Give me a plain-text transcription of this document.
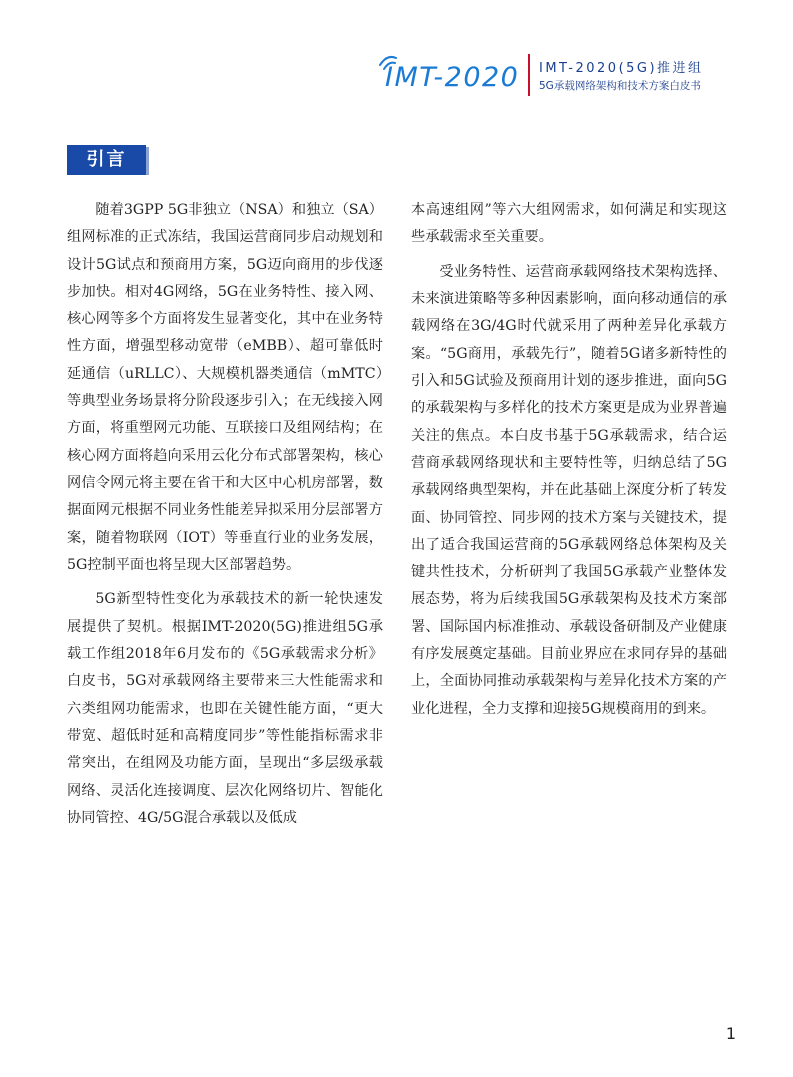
IMT-2020 IMT-2020(5G)推进组
5G承载网络架构和技术方案白皮书
引言

随着3GPP 5G非独立（NSA）和独立（SA）组网标准的正式冻结，我国运营商同步启动规划和设计5G试点和预商用方案，5G迈向商用的步伐逐步加快。相对4G网络，5G在业务特性、接入网、核心网等多个方面将发生显著变化，其中在业务特性方面，增强型移动宽带（eMBB）、超可靠低时延通信（uRLLC）、大规模机器类通信（mMTC）等典型业务场景将分阶段逐步引入；在无线接入网方面，将重塑网元功能、互联接口及组网结构；在核心网方面将趋向采用云化分布式部署架构，核心网信令网元将主要在省干和大区中心机房部署，数据面网元根据不同业务性能差异拟采用分层部署方案，随着物联网（IOT）等垂直行业的业务发展，5G控制平面也将呈现大区部署趋势。

5G新型特性变化为承载技术的新一轮快速发展提供了契机。根据IMT-2020(5G)推进组5G承载工作组2018年6月发布的《5G承载需求分析》白皮书，5G对承载网络主要带来三大性能需求和六类组网功能需求，也即在关键性能方面，“更大带宽、超低时延和高精度同步”等性能指标需求非常突出，在组网及功能方面，呈现出“多层级承载网络、灵活化连接调度、层次化网络切片、智能化协同管控、4G/5G混合承载以及低成

本高速组网”等六大组网需求，如何满足和实现这些承载需求至关重要。

受业务特性、运营商承载网络技术架构选择、未来演进策略等多种因素影响，面向移动通信的承载网络在3G/4G时代就采用了两种差异化承载方案。“5G商用，承载先行”，随着5G诸多新特性的引入和5G试验及预商用计划的逐步推进，面向5G的承载架构与多样化的技术方案更是成为业界普遍关注的焦点。本白皮书基于5G承载需求，结合运营商承载网络现状和主要特性等，归纳总结了5G承载网络典型架构，并在此基础上深度分析了转发面、协同管控、同步网的技术方案与关键技术，提出了适合我国运营商的5G承载网络总体架构及关键共性技术，分析研判了我国5G承载产业整体发展态势，将为后续我国5G承载架构及技术方案部署、国际国内标准推动、承载设备研制及产业健康有序发展奠定基础。目前业界应在求同存异的基础上，全面协同推动承载架构与差异化技术方案的产业化进程，全力支撑和迎接5G规模商用的到来。

1
